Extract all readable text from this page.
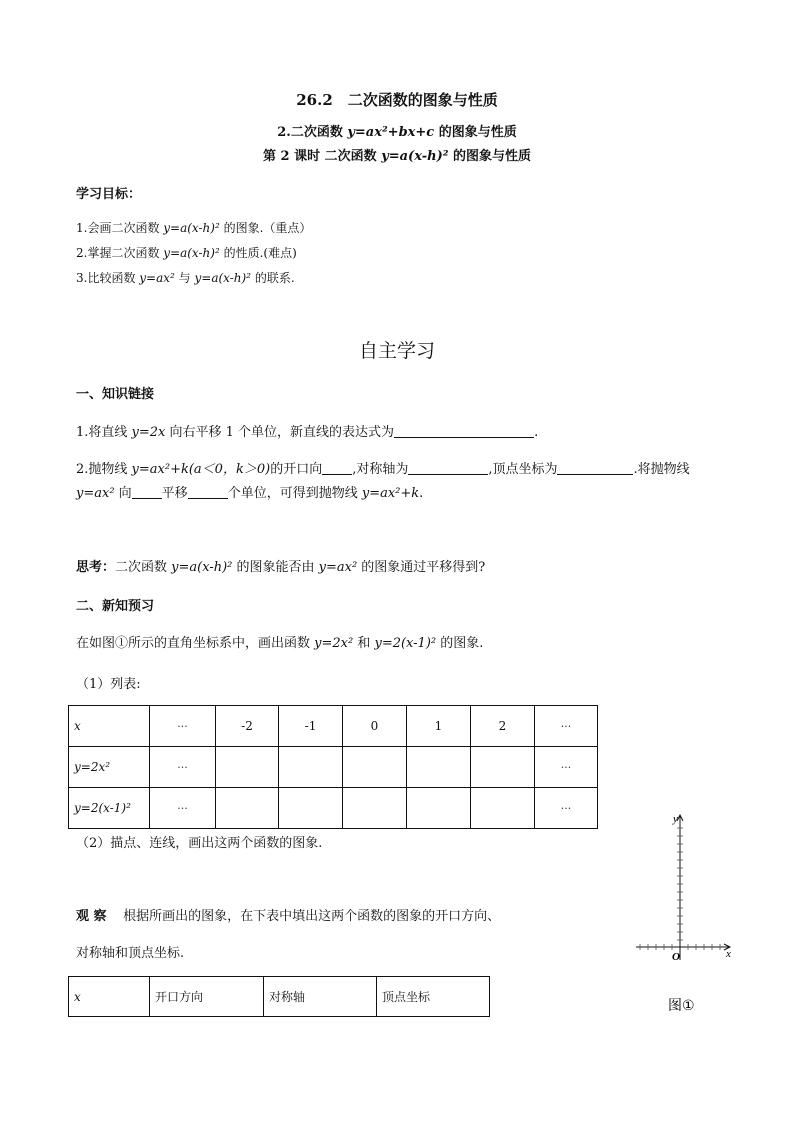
26.2　二次函数的图象与性质
2.二次函数 y=ax²+bx+c 的图象与性质
第 2 课时 二次函数 y=a(x-h)² 的图象与性质
学习目标：
1.会画二次函数 y=a(x-h)² 的图象.（重点）
2.掌握二次函数 y=a(x-h)² 的性质.(难点)
3.比较函数 y=ax² 与 y=a(x-h)² 的联系.
自主学习
一、知识链接
1.将直线 y=2x 向右平移 1 个单位，新直线的表达式为	.
2.抛物线 y=ax²+k(a＜0，k＞0)的开口向 ,对称轴为	,顶点坐标为	.将抛物线
y=ax² 向 平移	个单位，可得到抛物线 y=ax²+k.
思考：二次函数 y=a(x-h)² 的图象能否由 y=ax² 的图象通过平移得到?
二、新知预习
在如图①所示的直角坐标系中，画出函数 y=2x² 和 y=2(x-1)² 的图象.
（1）列表:
x	···	-2	-1	0	1	2	···
y=2x²	···						···
y=2(x-1)²	···						···
（2）描点、连线，画出这两个函数的图象.
观 察 根据所画出的图象，在下表中填出这两个函数的图象的开口方向、
对称轴和顶点坐标.
x	开口方向	对称轴	顶点坐标
y
x
O
图①
